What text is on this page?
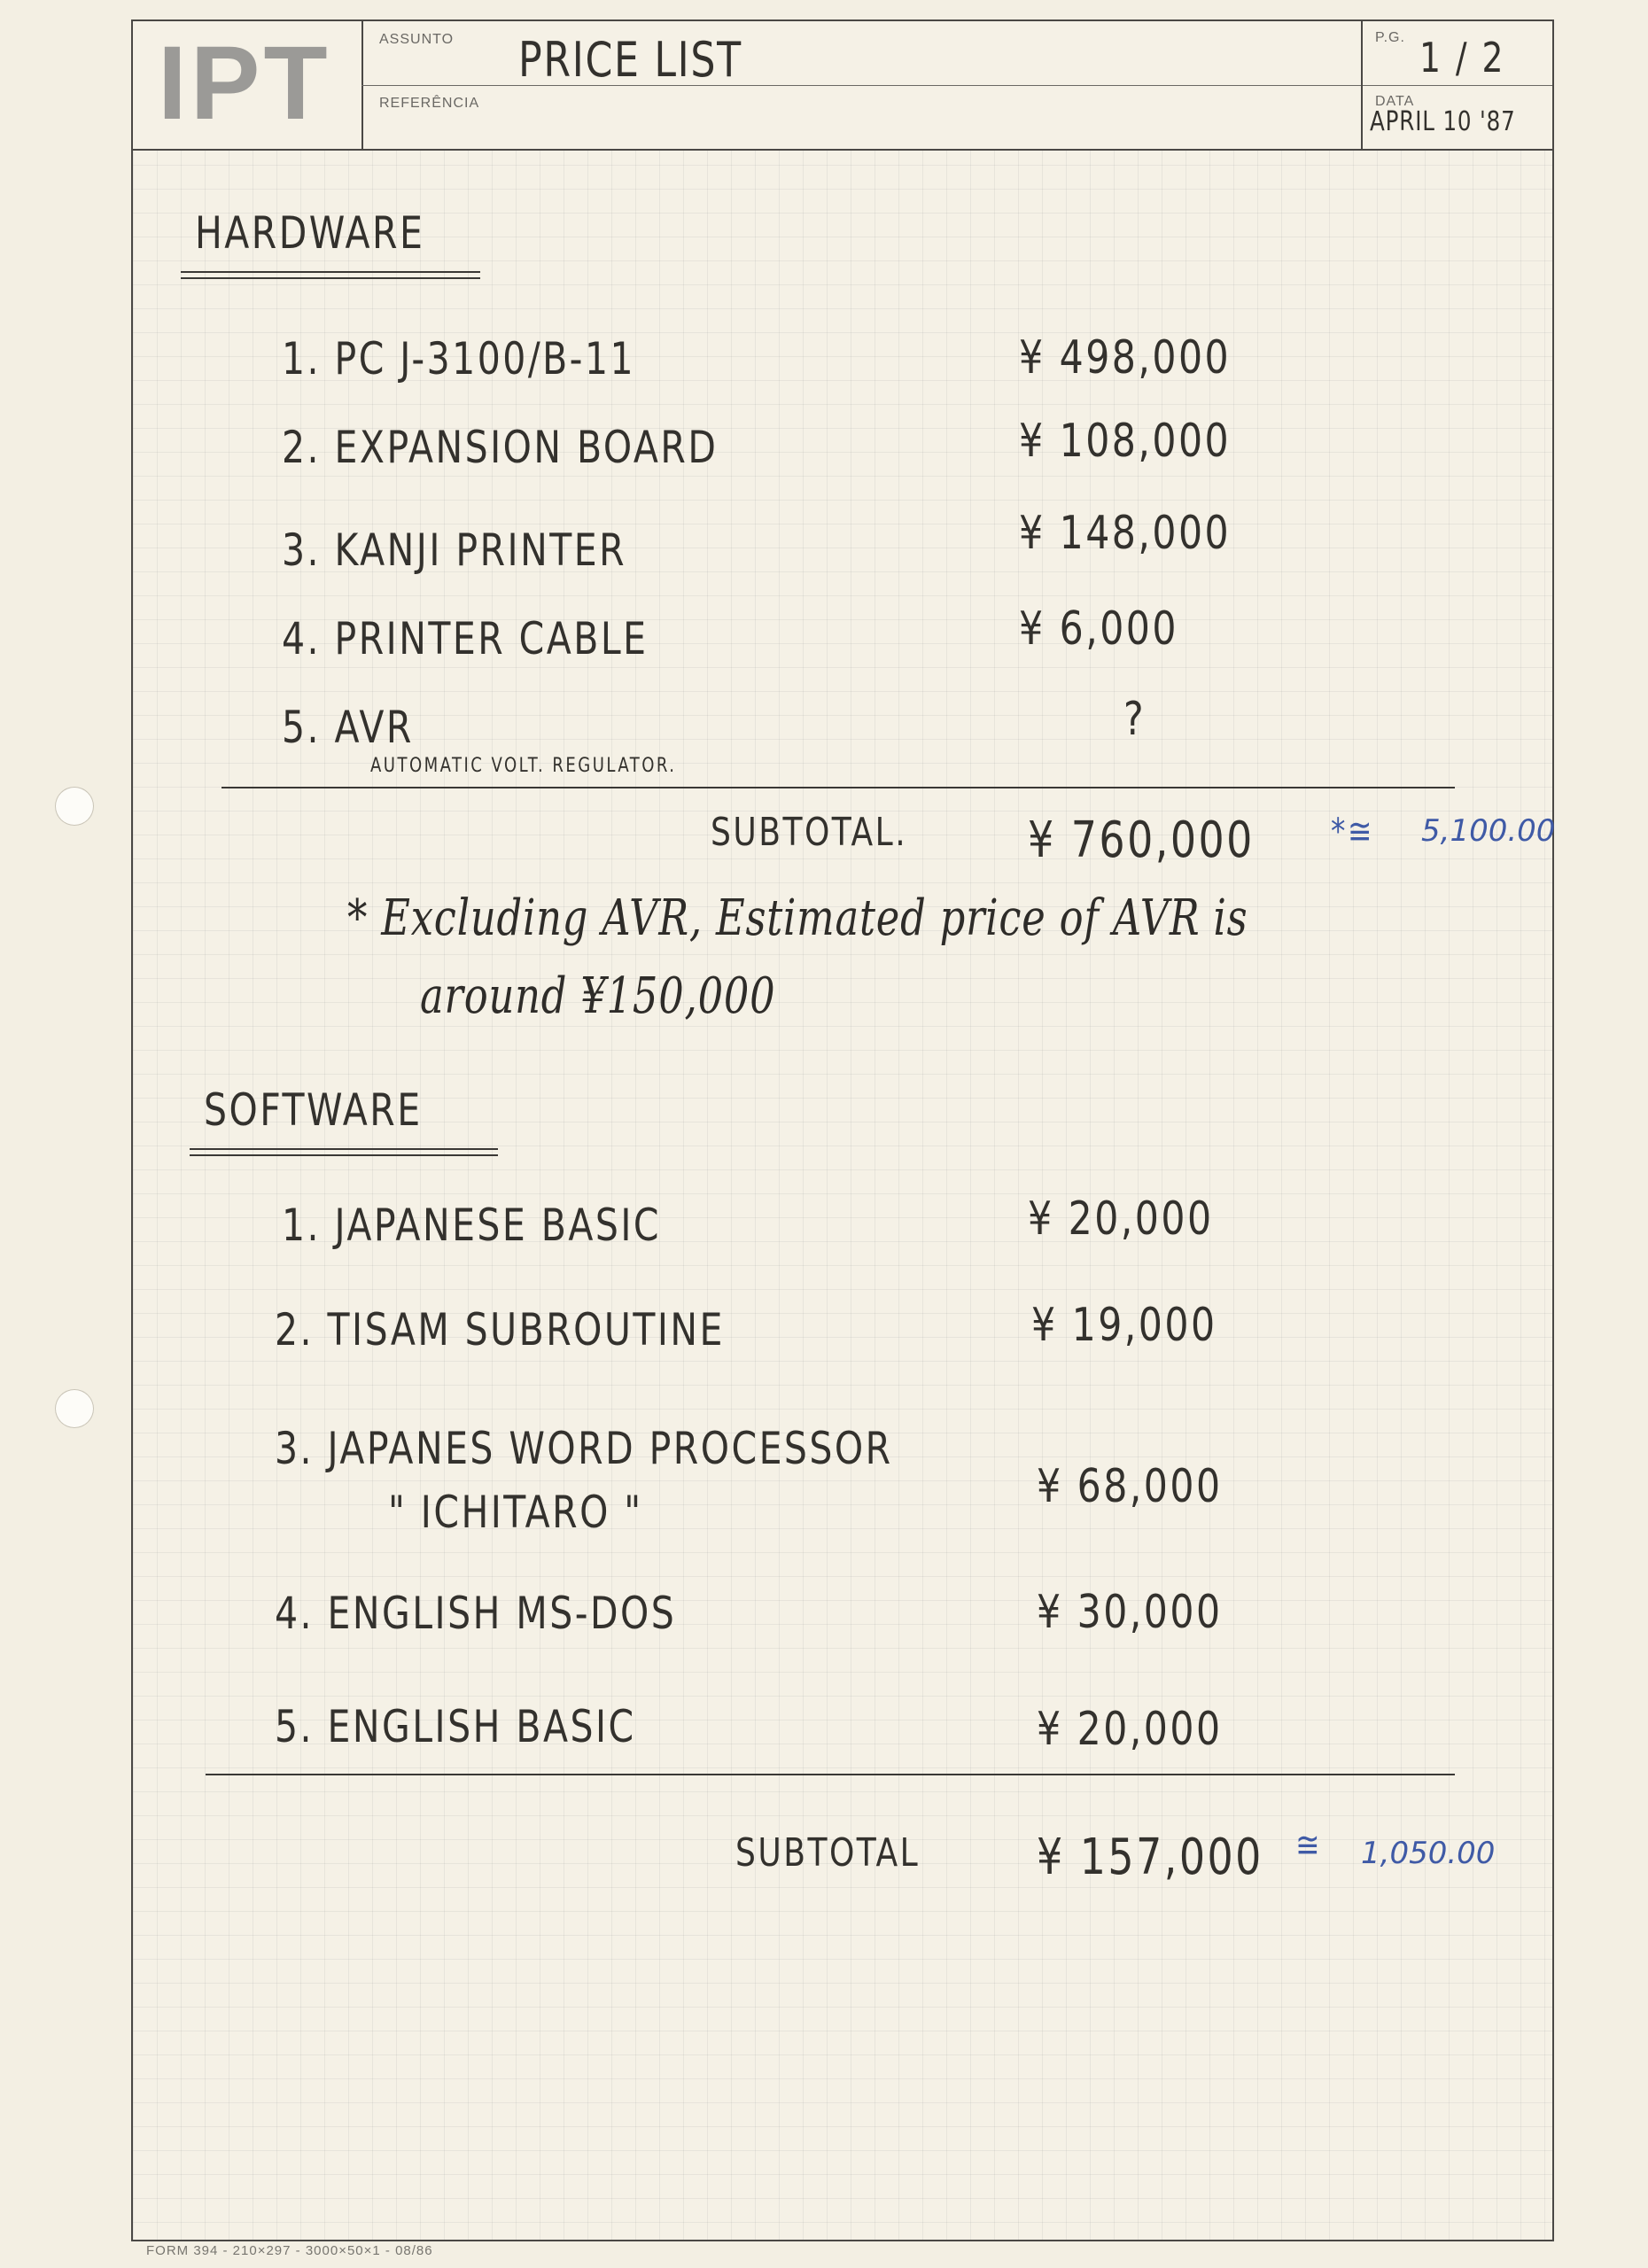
IPT	ASSUNTO PRICE LIST
REFERÊNCIA
P.G. 1 / 2
DATA
APRIL 10 '87
HARDWARE
1. PC J-3100/B-11	¥ 498,000
2. EXPANSION BOARD	¥ 108,000
3. KANJI PRINTER	¥ 148,000
4. PRINTER CABLE	¥ 6,000
5. AVR	?
AUTOMATIC VOLT. REGULATOR.
SUBTOTAL. ¥ 760,000 *≅ 5,100.00
* Excluding AVR, Estimated price of AVR is
around ¥150,000
SOFTWARE
1. JAPANESE BASIC	¥ 20,000
2. TISAM SUBROUTINE	¥ 19,000
3. JAPANES WORD PROCESSOR
" ICHITARO "	¥ 68,000
4. ENGLISH MS-DOS	¥ 30,000
5. ENGLISH BASIC	¥ 20,000
SUBTOTAL ¥ 157,000 ≅ 1,050.00
FORM 394 - 210×297 - 3000×50×1 - 08/86
